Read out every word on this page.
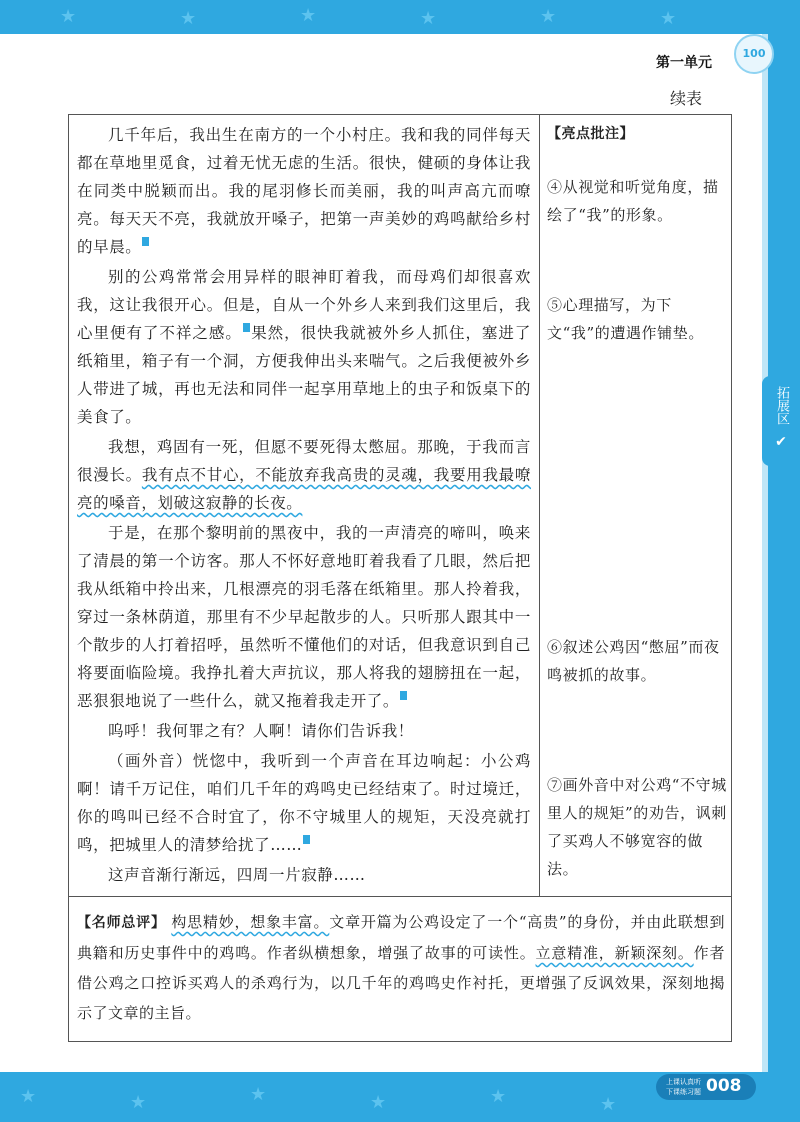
★	★	★	★	★	★
★	★	★	★	★	★
100
第一单元
续表
拓展区
✔

几千年后，我出生在南方的一个小村庄。我和我的同伴每天都在草地里觅食，过着无忧无虑的生活。很快，健硕的身体让我在同类中脱颖而出。我的尾羽修长而美丽，我的叫声高亢而嘹亮。每天天不亮，我就放开嗓子，把第一声美妙的鸡鸣献给乡村的早晨。

别的公鸡常常会用异样的眼神盯着我，而母鸡们却很喜欢我，这让我很开心。但是，自从一个外乡人来到我们这里后，我心里便有了不祥之感。 果然，很快我就被外乡人抓住，塞进了纸箱里，箱子有一个洞，方便我伸出头来喘气。之后我便被外乡人带进了城，再也无法和同伴一起享用草地上的虫子和饭桌下的美食了。

我想，鸡固有一死，但愿不要死得太憋屈。那晚，于我而言很漫长。我有点不甘心，不能放弃我高贵的灵魂，我要用我最嘹亮的嗓音，划破这寂静的长夜。

于是，在那个黎明前的黑夜中，我的一声清亮的啼叫，唤来了清晨的第一个访客。那人不怀好意地盯着我看了几眼，然后把我从纸箱中拎出来，几根漂亮的羽毛落在纸箱里。那人拎着我，穿过一条林荫道，那里有不少早起散步的人。只听那人跟其中一个散步的人打着招呼，虽然听不懂他们的对话，但我意识到自己将要面临险境。我挣扎着大声抗议，那人将我的翅膀扭在一起，恶狠狠地说了一些什么，就又拖着我走开了。

呜呼！我何罪之有？人啊！请你们告诉我！

（画外音）恍惚中，我听到一个声音在耳边响起：小公鸡啊！请千万记住，咱们几千年的鸡鸣史已经结束了。时过境迁，你的鸣叫已经不合时宜了，你不守城里人的规矩，天没亮就打鸣，把城里人的清梦给扰了……

这声音渐行渐远，四周一片寂静……

【亮点批注】
④从视觉和听觉角度，描绘了“我”的形象。
⑤心理描写，为下文“我”的遭遇作铺垫。
⑥叙述公鸡因“憋屈”而夜鸣被抓的故事。
⑦画外音中对公鸡“不守城里人的规矩”的劝告，讽刺了买鸡人不够宽容的做法。
【名师总评】 构思精妙，想象丰富。文章开篇为公鸡设定了一个“高贵”的身份，并由此联想到典籍和历史事件中的鸡鸣。作者纵横想象，增强了故事的可读性。立意精准，新颖深刻。作者借公鸡之口控诉买鸡人的杀鸡行为，以几千年的鸡鸣史作衬托，更增强了反讽效果，深刻地揭示了文章的主旨。
上课认真听
下课练习题 008
